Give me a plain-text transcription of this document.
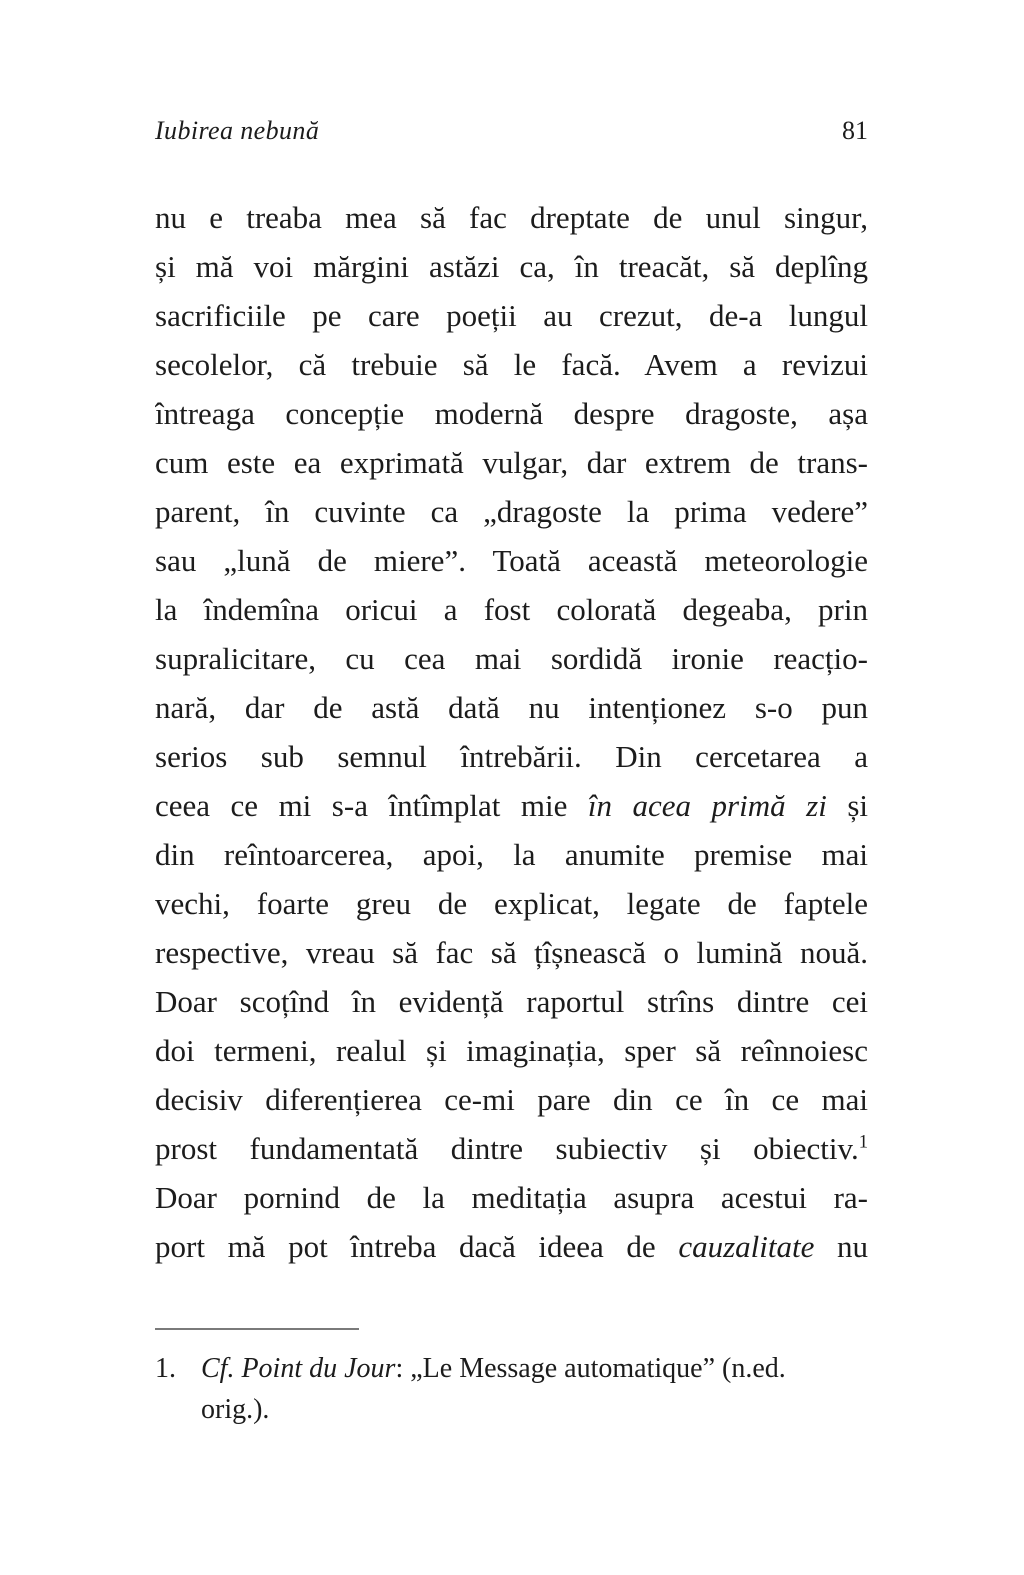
Iubirea nebună	81
nu e treaba mea să fac dreptate de unul singur,
și mă voi mărgini astăzi ca, în treacăt, să deplîng
sacrificiile pe care poeții au crezut, de-a lungul
secolelor, că trebuie să le facă. Avem a revizui
întreaga concepție modernă despre dragoste, așa
cum este ea exprimată vulgar, dar extrem de trans-
parent, în cuvinte ca „dragoste la prima vedere”
sau „lună de miere”. Toată această meteorologie
la îndemîna oricui a fost colorată degeaba, prin
supralicitare, cu cea mai sordidă ironie reacțio-
nară, dar de astă dată nu intenționez s-o pun
serios sub semnul întrebării. Din cercetarea a
ceea ce mi s-a întîmplat mie în acea primă zi și
din reîntoarcerea, apoi, la anumite premise mai
vechi, foarte greu de explicat, legate de faptele
respective, vreau să fac să țîșnească o lumină nouă.
Doar scoțînd în evidență raportul strîns dintre cei
doi termeni, realul și imaginația, sper să reînnoiesc
decisiv diferențierea ce-mi pare din ce în ce mai
prost fundamentată dintre subiectiv și obiectiv.$^1$
Doar pornind de la meditația asupra acestui ra-
port mă pot întreba dacă ideea de cauzalitate nu
1. Cf. Point du Jour: „Le Message automatique” (n.ed. orig.).
